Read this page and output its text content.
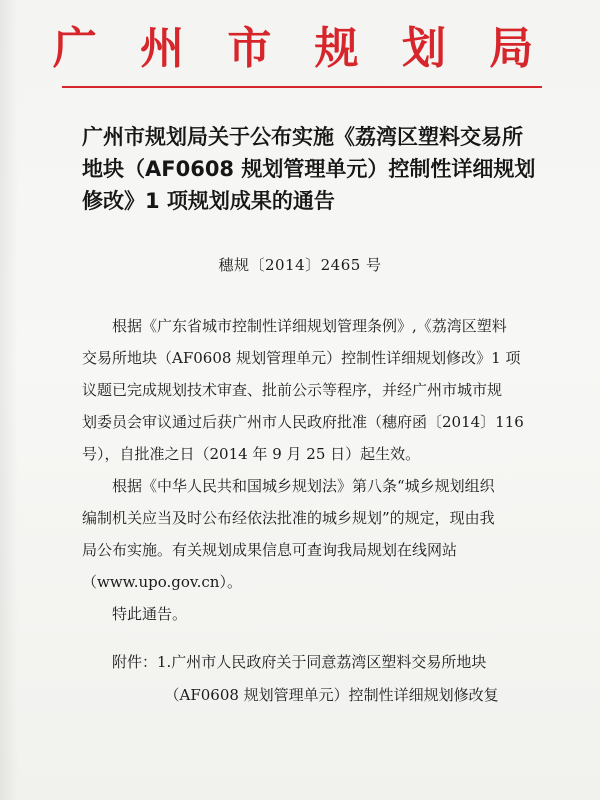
广 州 市 规 划 局
广州市规划局关于公布实施《荔湾区塑料交易所
地块（AF0608 规划管理单元）控制性详细规划
修改》1 项规划成果的通告
穗规〔2014〕2465 号
　　根据《广东省城市控制性详细规划管理条例》,《荔湾区塑料
交易所地块（AF0608 规划管理单元）控制性详细规划修改》1 项
议题已完成规划技术审查、批前公示等程序，并经广州市城市规
划委员会审议通过后获广州市人民政府批准（穗府函〔2014〕116
号），自批准之日（2014 年 9 月 25 日）起生效。
　　根据《中华人民共和国城乡规划法》第八条“城乡规划组织
编制机关应当及时公布经依法批准的城乡规划”的规定，现由我
局公布实施。有关规划成果信息可查询我局规划在线网站
（www.upo.gov.cn）。
　　特此通告。
　　附件：1.广州市人民政府关于同意荔湾区塑料交易所地块
　　　　　　（AF0608 规划管理单元）控制性详细规划修改复
